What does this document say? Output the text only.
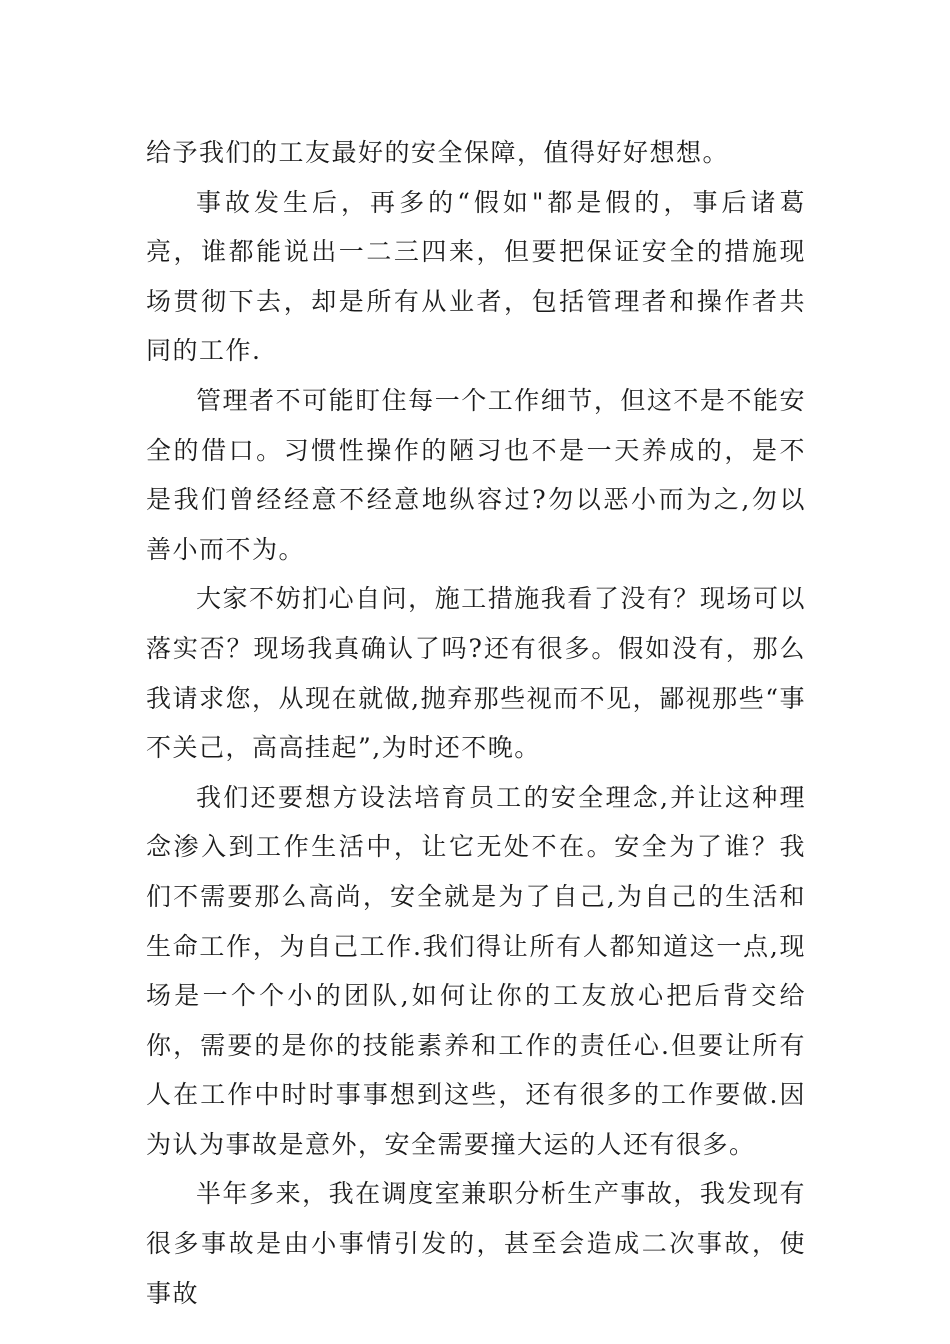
给予我们的工友最好的安全保障，值得好好想想。

事故发生后，再多的“假如"都是假的，事后诸葛亮，谁都能说出一二三四来，但要把保证安全的措施现场贯彻下去，却是所有从业者，包括管理者和操作者共同的工作.

管理者不可能盯住每一个工作细节，但这不是不能安全的借口。习惯性操作的陋习也不是一天养成的，是不是我们曾经经意不经意地纵容过?勿以恶小而为之,勿以善小而不为。

大家不妨扪心自问，施工措施我看了没有？现场可以落实否？现场我真确认了吗?还有很多。假如没有，那么我请求您，从现在就做,抛弃那些视而不见，鄙视那些“事不关己，高高挂起”,为时还不晚。

我们还要想方设法培育员工的安全理念,并让这种理念渗入到工作生活中，让它无处不在。安全为了谁？我们不需要那么高尚，安全就是为了自己,为自己的生活和生命工作，为自己工作.我们得让所有人都知道这一点,现场是一个个小的团队,如何让你的工友放心把后背交给你，需要的是你的技能素养和工作的责任心.但要让所有人在工作中时时事事想到这些，还有很多的工作要做.因为认为事故是意外，安全需要撞大运的人还有很多。

半年多来，我在调度室兼职分析生产事故，我发现有很多事故是由小事情引发的，甚至会造成二次事故，使事故
